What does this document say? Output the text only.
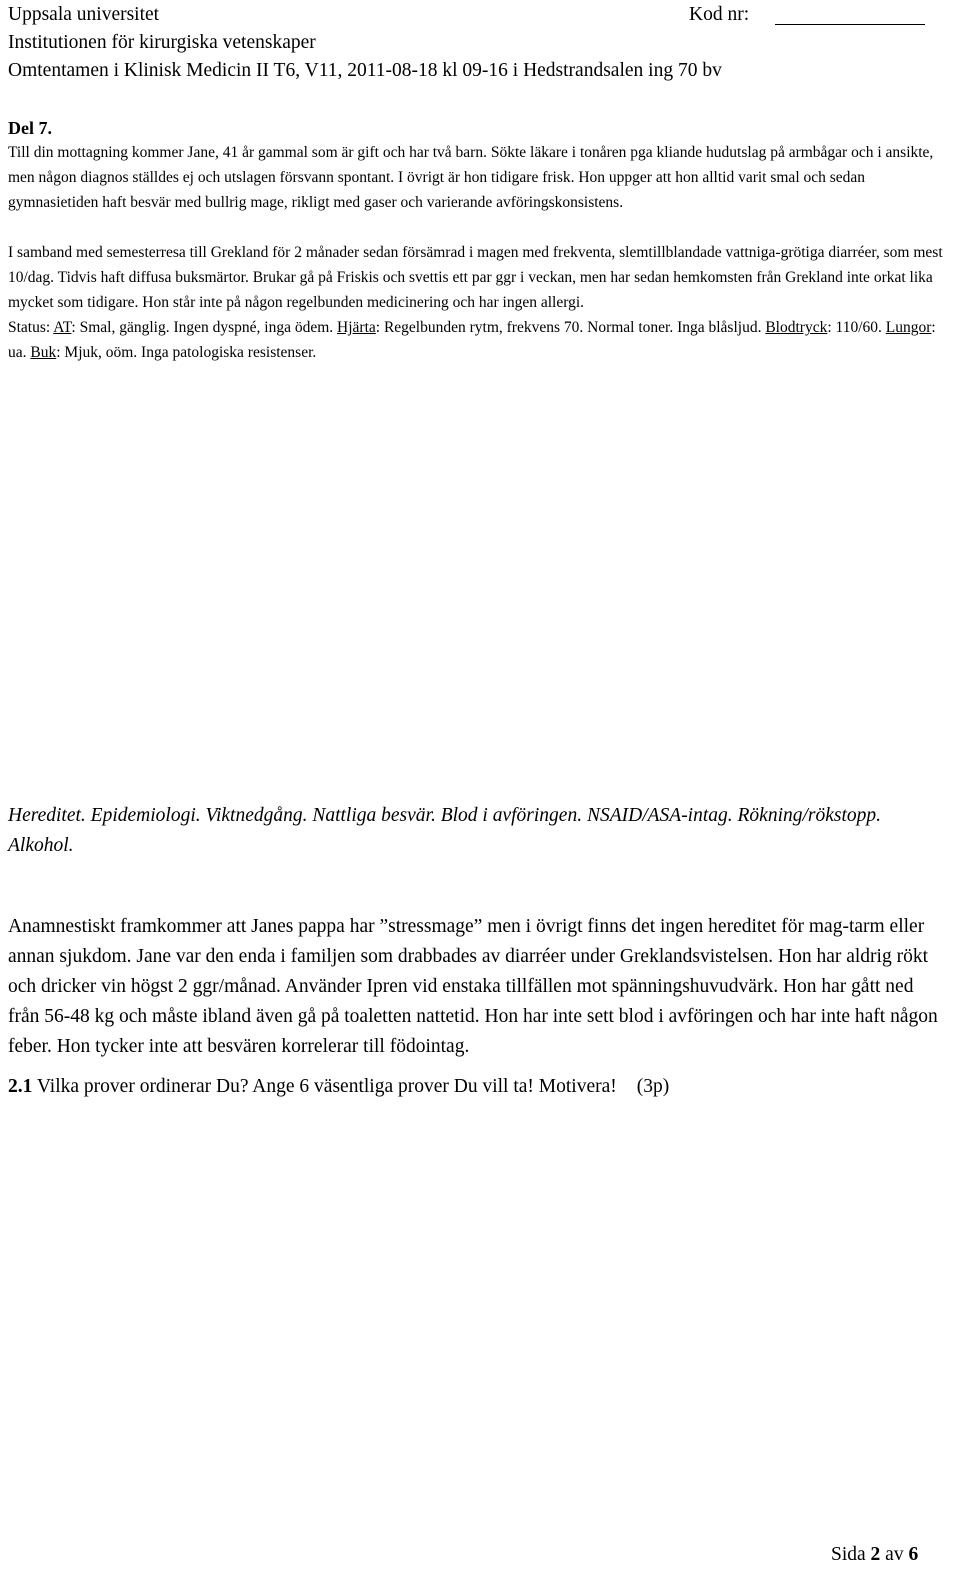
Uppsala universitet
Institutionen för kirurgiska vetenskaper
Omtentamen i Klinisk Medicin II T6, V11, 2011-08-18 kl 09-16 i Hedstrandsalen ing 70 bv
Kod nr:
Del 7.

Till din mottagning kommer Jane, 41 år gammal som är gift och har två barn. Sökte läkare i tonåren pga kliande hudutslag på armbågar och i ansikte, men någon diagnos ställdes ej och utslagen försvann spontant. I övrigt är hon tidigare frisk. Hon uppger att hon alltid varit smal och sedan gymnasietiden haft besvär med bullrig mage, rikligt med gaser och varierande avföringskonsistens.

I samband med semesterresa till Grekland för 2 månader sedan försämrad i magen med frekventa, slemtillblandade vattniga-grötiga diarréer, som mest 10/dag. Tidvis haft diffusa buksmärtor. Brukar gå på Friskis och svettis ett par ggr i veckan, men har sedan hemkomsten från Grekland inte orkat lika mycket som tidigare. Hon står inte på någon regelbunden medicinering och har ingen allergi.

Status: AT: Smal, gänglig. Ingen dyspné, inga ödem. Hjärta: Regelbunden rytm, frekvens 70. Normal toner. Inga blåsljud. Blodtryck: 110/60. Lungor: ua. Buk: Mjuk, oöm. Inga patologiska resistenser.

Hereditet. Epidemiologi. Viktnedgång. Nattliga besvär. Blod i avföringen. NSAID/ASA-intag. Rökning/rökstopp. Alkohol.
Anamnestiskt framkommer att Janes pappa har ”stressmage” men i övrigt finns det ingen hereditet för mag-tarm eller annan sjukdom. Jane var den enda i familjen som drabbades av diarréer under Greklandsvistelsen. Hon har aldrig rökt och dricker vin högst 2 ggr/månad. Använder Ipren vid enstaka tillfällen mot spänningshuvudvärk. Hon har gått ned från 56-48 kg och måste ibland även gå på toaletten nattetid. Hon har inte sett blod i avföringen och har inte haft någon feber. Hon tycker inte att besvären korrelerar till födointag.
2.1 Vilka prover ordinerar Du? Ange 6 väsentliga prover Du vill ta! Motivera! (3p)
Sida 2 av 6
